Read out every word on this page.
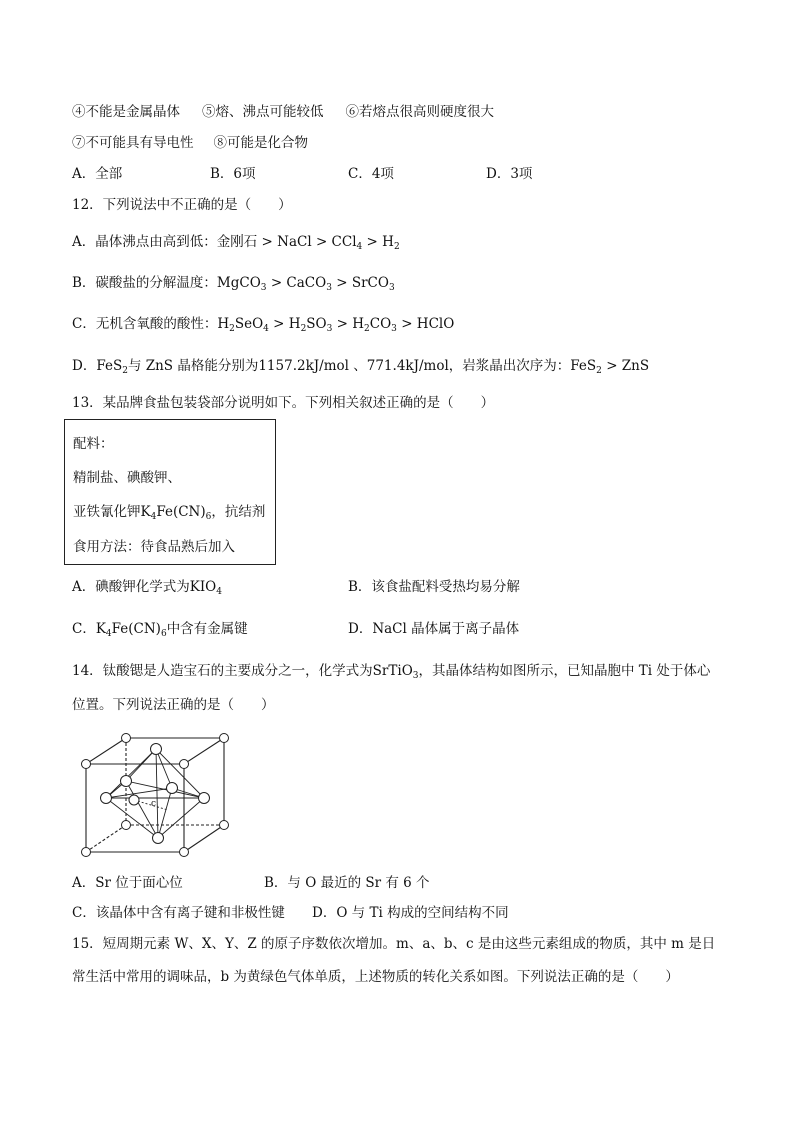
④不能是金属晶体 ⑤熔、沸点可能较低 ⑥若熔点很高则硬度很大
⑦不可能具有导电性 ⑧可能是化合物
A．全部	B．6项	C．4项	D．3项
12．下列说法中不正确的是（　　）
A．晶体沸点由高到低：金刚石 > NaCl > $CCl_4 > H_2$
B．碳酸盐的分解温度：MgCO$_3$ > CaCO$_3$ > SrCO$_3$
C．无机含氧酸的酸性：$H_2SeO_4 > H_2SO_3 > H_2CO_3$ > HClO
D．FeS$_2$与 ZnS 晶格能分别为1157.2kJ/mol 、771.4kJ/mol，岩浆晶出次序为：FeS$_2$ > ZnS
13．某品牌食盐包装袋部分说明如下。下列相关叙述正确的是（　　）
配料：
精制盐、碘酸钾、
亚铁氰化钾$K_4Fe(CN)_6$，抗结剂
食用方法：待食品熟后加入
A．碘酸钾化学式为$KIO_4$	B．该食盐配料受热均易分解
C．$K_4Fe(CN)_6$中含有金属键	D．NaCl 晶体属于离子晶体
14．钛酸锶是人造宝石的主要成分之一，化学式为SrTiO$_3$，其晶体结构如图所示，已知晶胞中 Ti 处于体心
位置。下列说法正确的是（　　）
c
A．Sr 位于面心位	B．与 O 最近的 Sr 有 6 个
C．该晶体中含有离子键和非极性键 D．O 与 Ti 构成的空间结构不同
15．短周期元素 W、X、Y、Z 的原子序数依次增加。m、a、b、c 是由这些元素组成的物质，其中 m 是日
常生活中常用的调味品，b 为黄绿色气体单质，上述物质的转化关系如图。下列说法正确的是（　　）
